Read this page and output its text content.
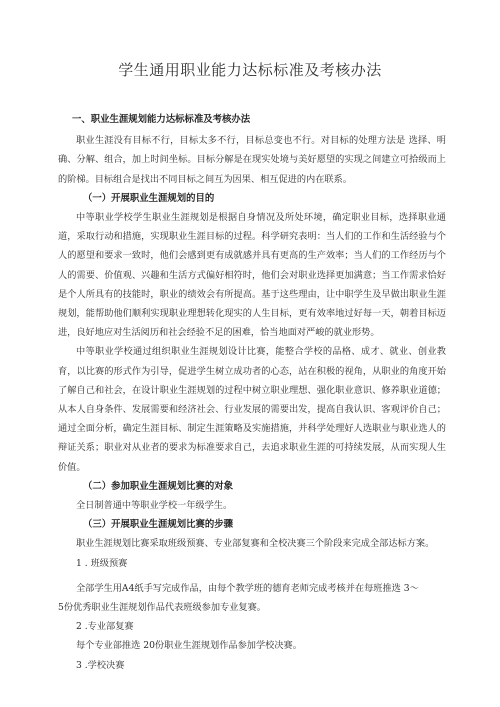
学生通用职业能力达标标准及考核办法
一、职业生涯规划能力达标标准及考核办法

职业生涯没有目标不行，目标太多不行，目标总变也不行。对目标的处理方法是 选择、明确、分解、组合，加上时间坐标。目标分解是在现实处境与美好愿望的实现之间建立可拾级而上的阶梯。目标组合是找出不同目标之间互为因果、相互促进的内在联系。

（一）开展职业生涯规划的目的

中等职业学校学生职业生涯规划是根据自身情况及所处环境，确定职业目标，选择职业通道，采取行动和措施，实现职业生涯目标的过程。科学研究表明：当人们的工作和生活经验与个人的愿望和要求一致时，他们会感到更有成就感并具有更高的生产效率；当人们的工作经历与个人的需要、价值观、兴趣和生活方式偏好相符时，他们会对职业选择更加满意；当工作需求恰好是个人所具有的技能时，职业的绩效会有所提高。基于这些理由，让中职学生及早做出职业生涯规划，能帮助他们顺利实现职业理想转化现实的人生目标，更有效率地过好每一天，朝着目标迈进，良好地应对生活阅历和社会经验不足的困难，恰当地面对严峻的就业形势。

中等职业学校通过组织职业生涯规划设计比赛，能整合学校的品格、成才、就业、创业教育，以比赛的形式作为引导，促进学生树立成功者的心态，站在积极的视角，从职业的角度开始了解自己和社会，在设计职业生涯规划的过程中树立职业理想、强化职业意识、修养职业道德；从本人自身条件、发展需要和经济社会、行业发展的需要出发，提高自我认识、客观评价自己；通过全面分析，确定生涯目标、制定生涯策略及实施措施，并科学处理好人选职业与职业选人的辩证关系；职业对从业者的要求为标准要求自己，去追求职业生涯的可持续发展，从而实现人生价值。

（二）参加职业生涯规划比赛的对象

全日制普通中等职业学校一年级学生。

（三）开展职业生涯规划比赛的步骤

职业生涯规划比赛采取班级预赛、专业部复赛和全校决赛三个阶段来完成全部达标方案。

1 . 班级预赛

全部学生用A4纸手写完成作品，由每个教学班的德育老师完成考核并在每班推选 3～

5份优秀职业生涯规划作品代表班级参加专业复赛。

2 .专业部复赛

每个专业部推选 20份职业生涯规划作品参加学校决赛。

3 .学校决赛
